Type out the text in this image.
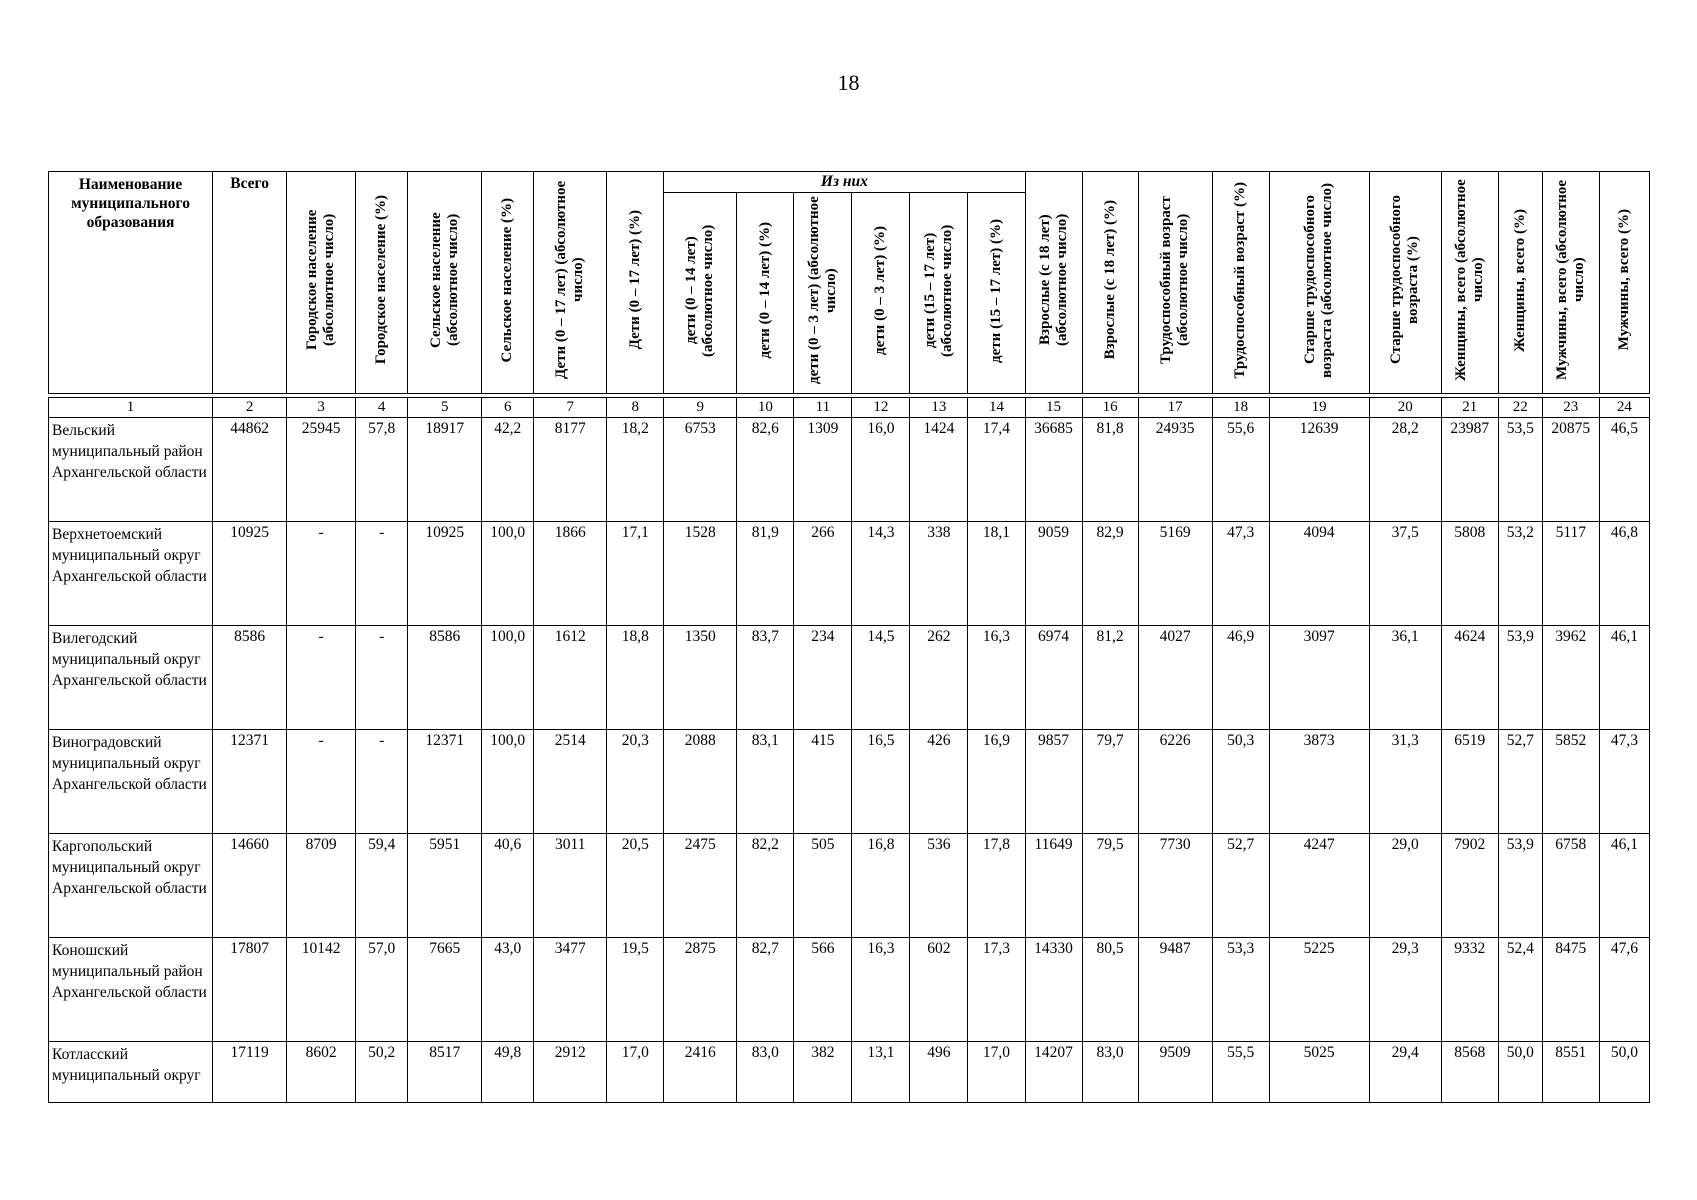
18
Наименование муниципального образования	Всего	Городское население (абсолютное число)	Городское население (%)	Сельское население (абсолютное число)	Сельское население (%)	Дети (0 – 17 лет) (абсолютное число)	Дети (0 – 17 лет) (%)	Из них						Взрослые (с 18 лет) (абсолютное число)	Взрослые (с 18 лет) (%)	Трудоспособный возраст (абсолютное число)	Трудоспособный возраст (%)	Старше трудоспособного возраста (абсолютное число)	Старше трудоспособного возраста (%)	Женщины, всего (абсолютное число)	Женщины, всего (%)	Мужчины, всего (абсолютное число)	Мужчины, всего (%)
								дети (0 – 14 лет) (абсолютное число)	дети (0 – 14 лет) (%)	дети (0 – 3 лет) (абсолютное число)	дети (0 – 3 лет) (%)	дети (15 – 17 лет) (абсолютное число)	дети (15 – 17 лет) (%)										

1	2	3	4	5	6	7	8	9	10	11	12	13	14	15	16	17	18	19	20	21	22	23	24
Вельский муниципальный район Архангельской области	44862	25945	57,8	18917	42,2	8177	18,2	6753	82,6	1309	16,0	1424	17,4	36685	81,8	24935	55,6	12639	28,2	23987	53,5	20875	46,5
Верхнетоемский муниципальный округ Архангельской области	10925	-	-	10925	100,0	1866	17,1	1528	81,9	266	14,3	338	18,1	9059	82,9	5169	47,3	4094	37,5	5808	53,2	5117	46,8
Вилегодский муниципальный округ Архангельской области	8586	-	-	8586	100,0	1612	18,8	1350	83,7	234	14,5	262	16,3	6974	81,2	4027	46,9	3097	36,1	4624	53,9	3962	46,1
Виноградовский муниципальный округ Архангельской области	12371	-	-	12371	100,0	2514	20,3	2088	83,1	415	16,5	426	16,9	9857	79,7	6226	50,3	3873	31,3	6519	52,7	5852	47,3
Каргопольский муниципальный округ Архангельской области	14660	8709	59,4	5951	40,6	3011	20,5	2475	82,2	505	16,8	536	17,8	11649	79,5	7730	52,7	4247	29,0	7902	53,9	6758	46,1
Коношский муниципальный район Архангельской области	17807	10142	57,0	7665	43,0	3477	19,5	2875	82,7	566	16,3	602	17,3	14330	80,5	9487	53,3	5225	29,3	9332	52,4	8475	47,6
Котласский муниципальный округ	17119	8602	50,2	8517	49,8	2912	17,0	2416	83,0	382	13,1	496	17,0	14207	83,0	9509	55,5	5025	29,4	8568	50,0	8551	50,0
